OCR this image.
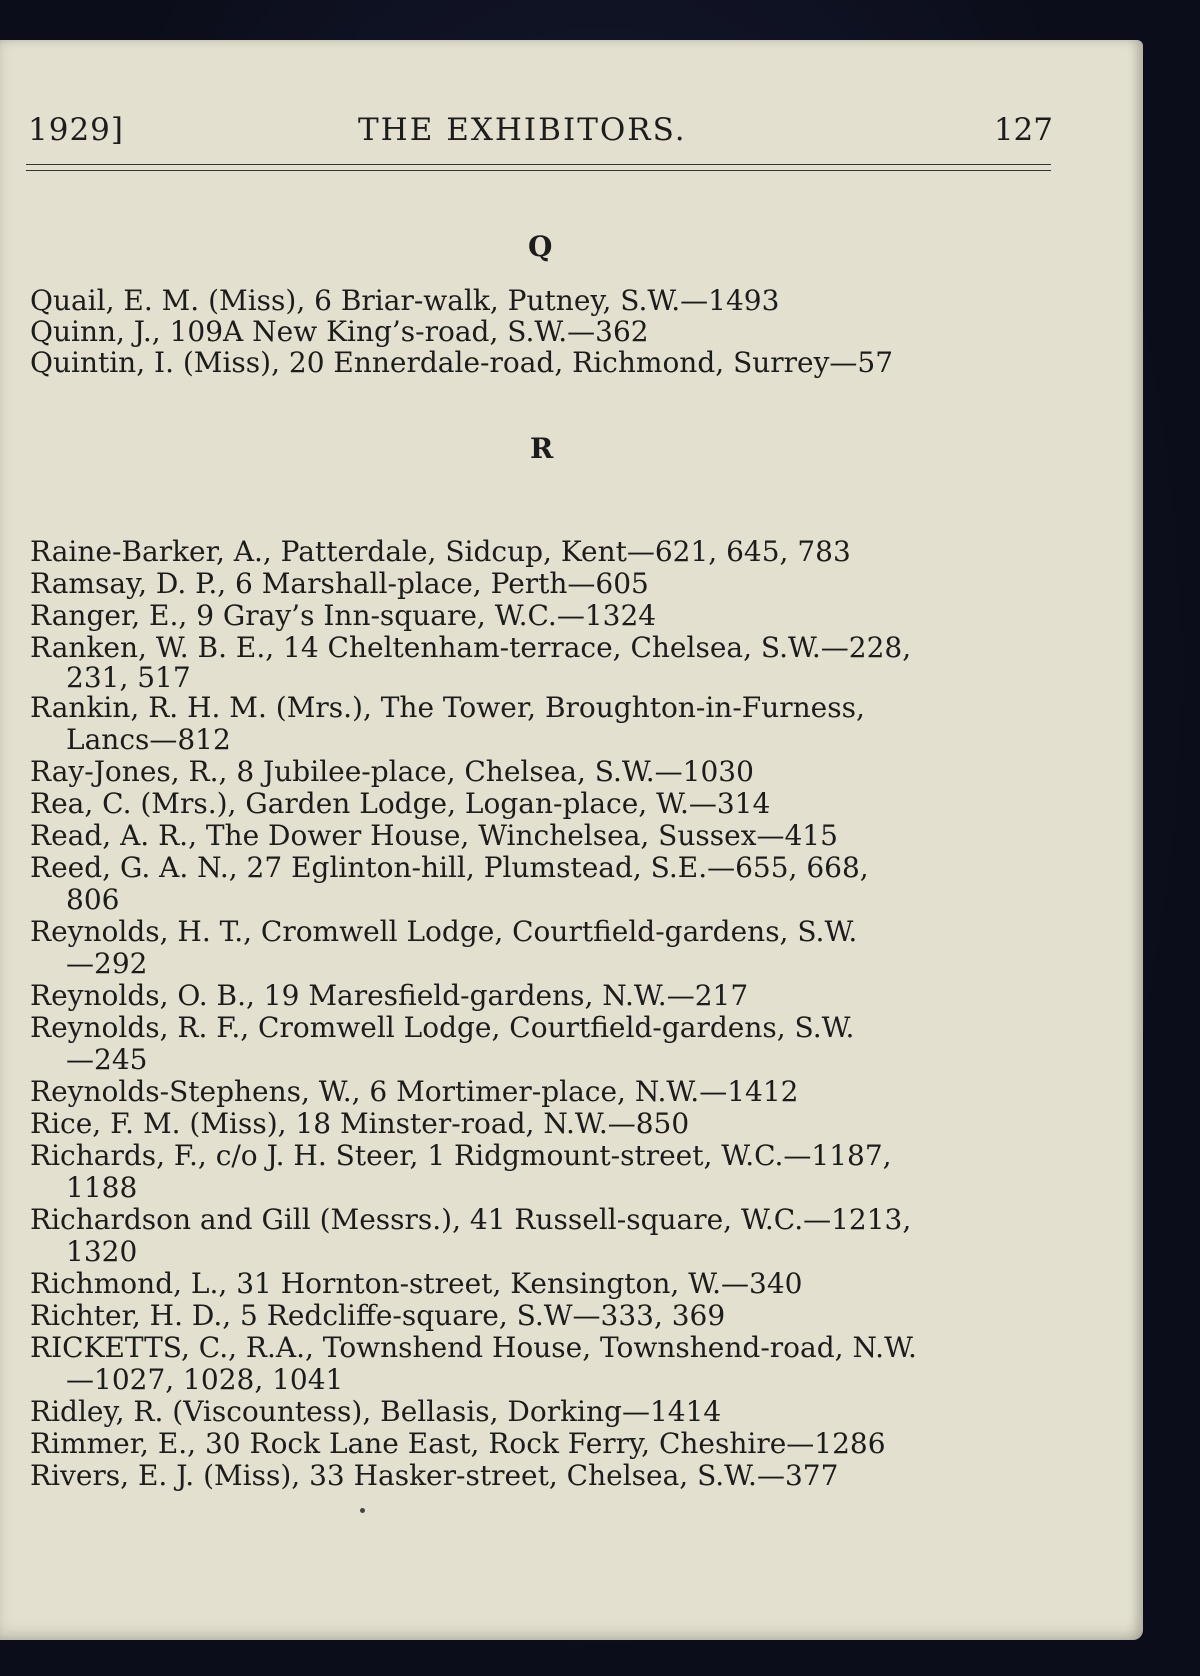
1929]	THE EXHIBITORS.	127
Q
Quail, E. M. (Miss), 6 Briar-walk, Putney, S.W.—1493
Quinn, J., 109A New King’s-road, S.W.—362
Quintin, I. (Miss), 20 Ennerdale-road, Richmond, Surrey—57
R
Raine-Barker, A., Patterdale, Sidcup, Kent—621, 645, 783
Ramsay, D. P., 6 Marshall-place, Perth—605
Ranger, E., 9 Gray’s Inn-square, W.C.—1324
Ranken, W. B. E., 14 Cheltenham-terrace, Chelsea, S.W.—228,
231, 517
Rankin, R. H. M. (Mrs.), The Tower, Broughton-in-Furness,
Lancs—812
Ray-Jones, R., 8 Jubilee-place, Chelsea, S.W.—1030
Rea, C. (Mrs.), Garden Lodge, Logan-place, W.—314
Read, A. R., The Dower House, Winchelsea, Sussex—415
Reed, G. A. N., 27 Eglinton-hill, Plumstead, S.E.—655, 668,
806
Reynolds, H. T., Cromwell Lodge, Courtfield-gardens, S.W.
—292
Reynolds, O. B., 19 Maresfield-gardens, N.W.—217
Reynolds, R. F., Cromwell Lodge, Courtfield-gardens, S.W.
—245
Reynolds-Stephens, W., 6 Mortimer-place, N.W.—1412
Rice, F. M. (Miss), 18 Minster-road, N.W.—850
Richards, F., c/o J. H. Steer, 1 Ridgmount-street, W.C.—1187,
1188
Richardson and Gill (Messrs.), 41 Russell-square, W.C.—1213,
1320
Richmond, L., 31 Hornton-street, Kensington, W.—340
Richter, H. D., 5 Redcliffe-square, S.W—333, 369
RICKETTS, C., R.A., Townshend House, Townshend-road, N.W.
—1027, 1028, 1041
Ridley, R. (Viscountess), Bellasis, Dorking—1414
Rimmer, E., 30 Rock Lane East, Rock Ferry, Cheshire—1286
Rivers, E. J. (Miss), 33 Hasker-street, Chelsea, S.W.—377
